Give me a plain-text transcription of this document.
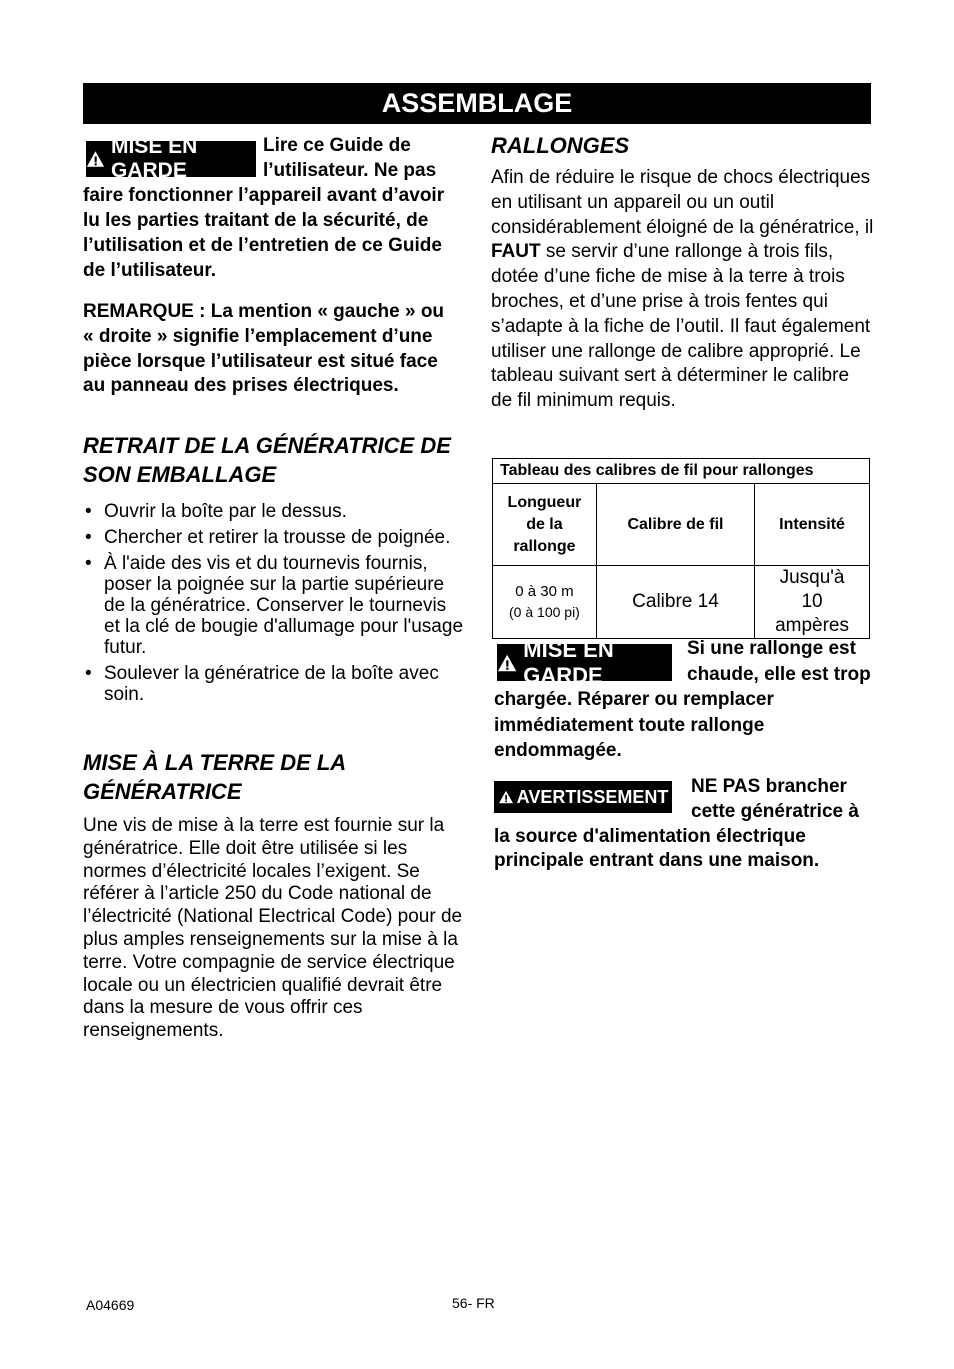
ASSEMBLAGE
MISE EN GARDE
Lire ce Guide de l’utilisateur. Ne pas faire fonctionner l’appareil avant d’avoir lu les parties traitant de la sécurité, de l’utilisation et de l’entretien de ce Guide de l’utilisateur.
REMARQUE : La mention « gauche » ou « droite » signifie l’emplacement d’une pièce lorsque l’utilisateur est situé face au panneau des prises électriques.
RETRAIT DE LA GÉNÉRATRICE DE SON EMBALLAGE
• Ouvrir la boîte par le dessus.
• Chercher et retirer la trousse de poignée.
• À l'aide des vis et du tournevis fournis, poser la poignée sur la partie supérieure de la génératrice. Conserver le tournevis et la clé de bougie d'allumage pour l'usage futur.
• Soulever la génératrice de la boîte avec soin.
MISE À LA TERRE DE LA GÉNÉRATRICE
Une vis de mise à la terre est fournie sur la génératrice. Elle doit être utilisée si les normes d’électricité locales l’exigent. Se référer à l’article 250 du Code national de l’électricité (National Electrical Code) pour de plus amples renseignements sur la mise à la terre. Votre compagnie de service électrique locale ou un électricien qualifié devrait être dans la mesure de vous offrir ces renseignements.
RALLONGES
Afin de réduire le risque de chocs électriques en utilisant un appareil ou un outil considérablement éloigné de la génératrice, il FAUT se servir d’une rallonge à trois fils, dotée d’une fiche de mise à la terre à trois broches, et d’une prise à trois fentes qui s’adapte à la fiche de l’outil. Il faut également utiliser une rallonge de calibre approprié. Le tableau suivant sert à déterminer le calibre de fil minimum requis.
Tableau des calibres de fil pour rallonges		
Longueur de la rallonge	Calibre de fil	Intensité

0 à 30 m
(0 à 100 pi)	Calibre 14	Jusqu'à 10 ampères
MISE EN GARDE
Si une rallonge est chaude, elle est trop chargée. Réparer ou remplacer immédiatement toute rallonge endommagée.
AVERTISSEMENT	NE PAS brancher cette génératrice à la source d'alimentation électrique principale entrant dans une maison.
A04669	56- FR
